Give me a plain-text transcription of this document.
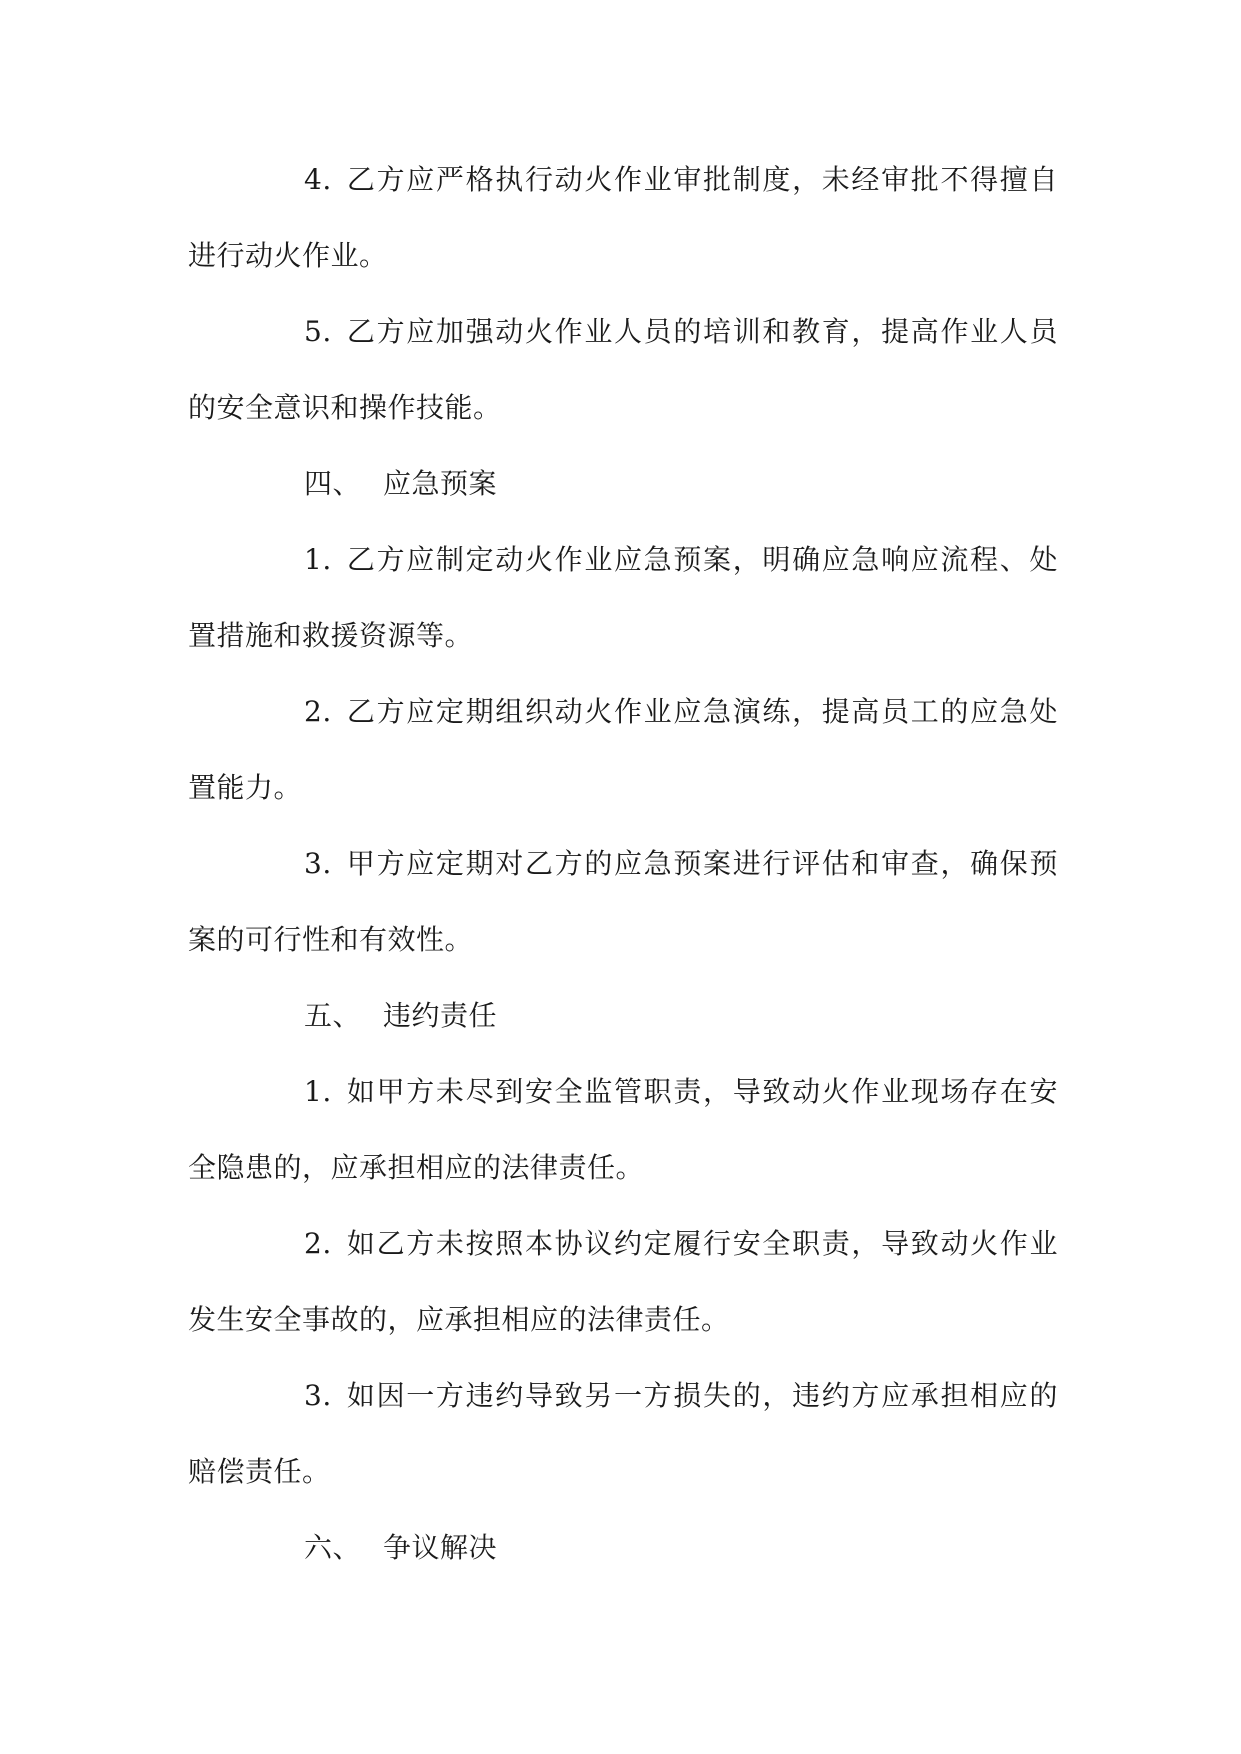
4. 乙方应严格执行动火作业审批制度，未经审批不得擅自进行动火作业。

5. 乙方应加强动火作业人员的培训和教育，提高作业人员的安全意识和操作技能。

四、 应急预案

1. 乙方应制定动火作业应急预案，明确应急响应流程、处置措施和救援资源等。

2. 乙方应定期组织动火作业应急演练，提高员工的应急处置能力。

3. 甲方应定期对乙方的应急预案进行评估和审查，确保预案的可行性和有效性。

五、 违约责任

1. 如甲方未尽到安全监管职责，导致动火作业现场存在安全隐患的，应承担相应的法律责任。

2. 如乙方未按照本协议约定履行安全职责，导致动火作业发生安全事故的，应承担相应的法律责任。

3. 如因一方违约导致另一方损失的，违约方应承担相应的赔偿责任。

六、 争议解决
